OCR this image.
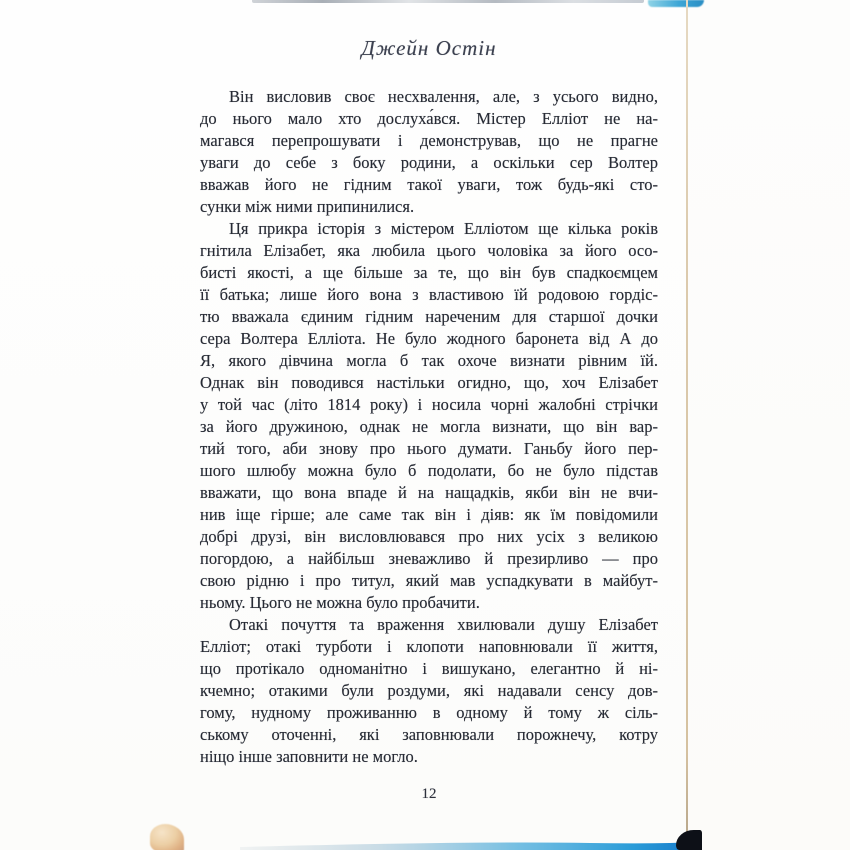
Джейн Остін
Він висловив своє несхвалення, але, з усього видно,
до нього мало хто дослуха́вся. Містер Елліот не на-
магався перепрошувати і демонстрував, що не прагне
уваги до себе з боку родини, а оскільки сер Волтер
вважав його не гідним такої уваги, тож будь-які сто-
сунки між ними припинилися.
Ця прикра історія з містером Елліотом ще кілька років
гнітила Елізабет, яка любила цього чоловіка за його осо-
бисті якості, а ще більше за те, що він був спадкоємцем
її батька; лише його вона з властивою їй родовою гордіс-
тю вважала єдиним гідним нареченим для старшої дочки
сера Волтера Елліота. Не було жодного баронета від А до
Я, якого дівчина могла б так охоче визнати рівним їй.
Однак він поводився настільки огидно, що, хоч Елізабет
у той час (літо 1814 року) і носила чорні жалобні стрічки
за його дружиною, однак не могла визнати, що він вар-
тий того, аби знову про нього думати. Ганьбу його пер-
шого шлюбу можна було б подолати, бо не було підстав
вважати, що вона впаде й на нащадків, якби він не вчи-
нив іще гірше; але саме так він і діяв: як їм повідомили
добрі друзі, він висловлювався про них усіх з великою
погордою, а найбільш зневажливо й презирливо — про
свою рідню і про титул, який мав успадкувати в майбут-
ньому. Цього не можна було пробачити.
Отакі почуття та враження хвилювали душу Елізабет
Елліот; отакі турботи і клопоти наповнювали її життя,
що протікало одноманітно і вишукано, елегантно й ні-
кчемно; отакими були роздуми, які надавали сенсу дов-
гому, нудному проживанню в одному й тому ж сіль-
ському оточенні, які заповнювали порожнечу, котру
ніщо інше заповнити не могло.
12
